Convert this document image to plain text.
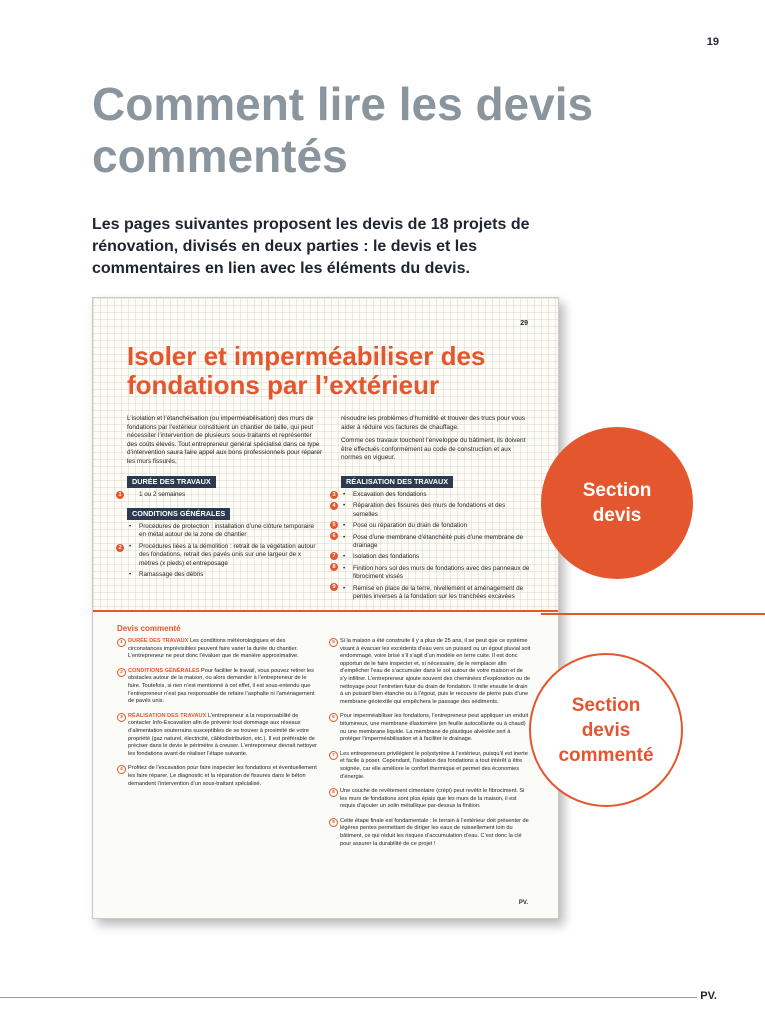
19
Comment lire les devis commentés

Les pages suivantes proposent les devis de 18 projets de rénovation, divisés en deux parties : le devis et les commentaires en lien avec les éléments du devis.

29
Isoler et imperméabiliser des fondations par l’extérieur

L’isolation et l’étanchéisation (ou imperméabilisation) des murs de fondations par l’extérieur constituent un chantier de taille, qui peut nécessiter l’intervention de plusieurs sous-traitants et représenter des coûts élevés. Tout entrepreneur général spécialisé dans ce type d’intervention saura faire appel aux bons professionnels pour réparer les murs fissurés,

résoudre les problèmes d’humidité et trouver des trucs pour vous aider à réduire vos factures de chauffage.

Comme ces travaux touchent l’enveloppe du bâtiment, ils doivent être effectués conformément au code de construction et aux normes en vigueur.

DURÉE DES TRAVAUX
1	1 ou 2 semaines
CONDITIONS GÉNÉRALES
2
• Procédures de protection : installation d’une clôture temporaire en métal autour de la zone de chantier
• Procédures liées à la démolition : retrait de la végétation autour des fondations, retrait des pavés unis sur une largeur de x mètres (x pieds) et entreposage
• Ramassage des débris
RÉALISATION DES TRAVAUX
3
4
5
6
7
8
9
• Excavation des fondations
• Réparation des fissures des murs de fondations et des semelles
• Pose ou réparation du drain de fondation
• Pose d’une membrane d’étanchéité puis d’une membrane de drainage
• Isolation des fondations
• Finition hors sol des murs de fondations avec des panneaux de fibrociment vissés
• Remise en place de la terre, nivellement et aménagement de pentes inverses à la fondation sur les tranchées excavées
Devis commenté
1 DURÉE DES TRAVAUX Les conditions météorologiques et des circonstances imprévisibles peuvent faire varier la durée du chantier. L’entrepreneur ne peut donc l’évaluer que de manière approximative.
2 CONDITIONS GÉNÉRALES Pour faciliter le travail, vous pouvez retirer les obstacles autour de la maison, ou alors demander à l’entrepreneur de le faire. Toutefois, si rien n’est mentionné à cet effet, il est sous-entendu que l’entrepreneur n’est pas responsable de refaire l’asphalte ni l’aménagement de pavés unis.
3 RÉALISATION DES TRAVAUX L’entrepreneur a la responsabilité de contacter Info-Excavation afin de prévenir tout dommage aux réseaux d’alimentation souterrains susceptibles de se trouver à proximité de votre propriété (gaz naturel, électricité, câblodistribution, etc.). Il est préférable de préciser dans le devis le périmètre à creuser. L’entrepreneur devrait nettoyer les fondations avant de réaliser l’étape suivante.
4 Profitez de l’excavation pour faire inspecter les fondations et éventuellement les faire réparer. Le diagnostic et la réparation de fissures dans le béton demandent l’intervention d’un sous-traitant spécialisé.
5 Si la maison a été construite il y a plus de 25 ans, il se peut que ce système visant à évacuer les excédents d’eau vers un puisard ou un égout pluvial soit endommagé, voire brisé s’il s’agit d’un modèle en terre cuite. Il est donc opportun de le faire inspecter et, si nécessaire, de le remplacer afin d’empêcher l’eau de s’accumuler dans le sol autour de votre maison et de s’y infiltrer. L’entrepreneur ajoute souvent des cheminées d’exploration ou de nettoyage pour l’entretien futur du drain de fondation. Il relie ensuite le drain à un puisard bien étanche ou à l’égout, puis le recouvre de pierre puis d’une membrane géotextile qui empêchera le passage des sédiments.
6 Pour imperméabiliser les fondations, l’entrepreneur peut appliquer un enduit bitumineux, une membrane élastomère (en feuille autocollante ou à chaud) ou une membrane liquide. La membrane de plastique alvéolée sert à protéger l’imperméabilisation et à faciliter le drainage.
7 Les entrepreneurs privilégient le polystyrène à l’extérieur, puisqu’il est inerte et facile à poser. Cependant, l’isolation des fondations a tout intérêt à être soignée, car elle améliore le confort thermique et permet des économies d’énergie.
8 Une couche de revêtement cimentaire (crépi) peut revêtir le fibrociment. Si les murs de fondations sont plus épais que les murs de la maison, il est requis d’ajouter un solin métallique par-dessus la finition.
9 Cette étape finale est fondamentale : le terrain à l’extérieur doit présenter de légères pentes permettant de diriger les eaux de ruissellement loin du bâtiment, ce qui réduit les risques d’accumulation d’eau. C’est donc la clé pour assurer la durabilité de ce projet !
PV.
Section
devis
Section
devis
commenté
PV.
